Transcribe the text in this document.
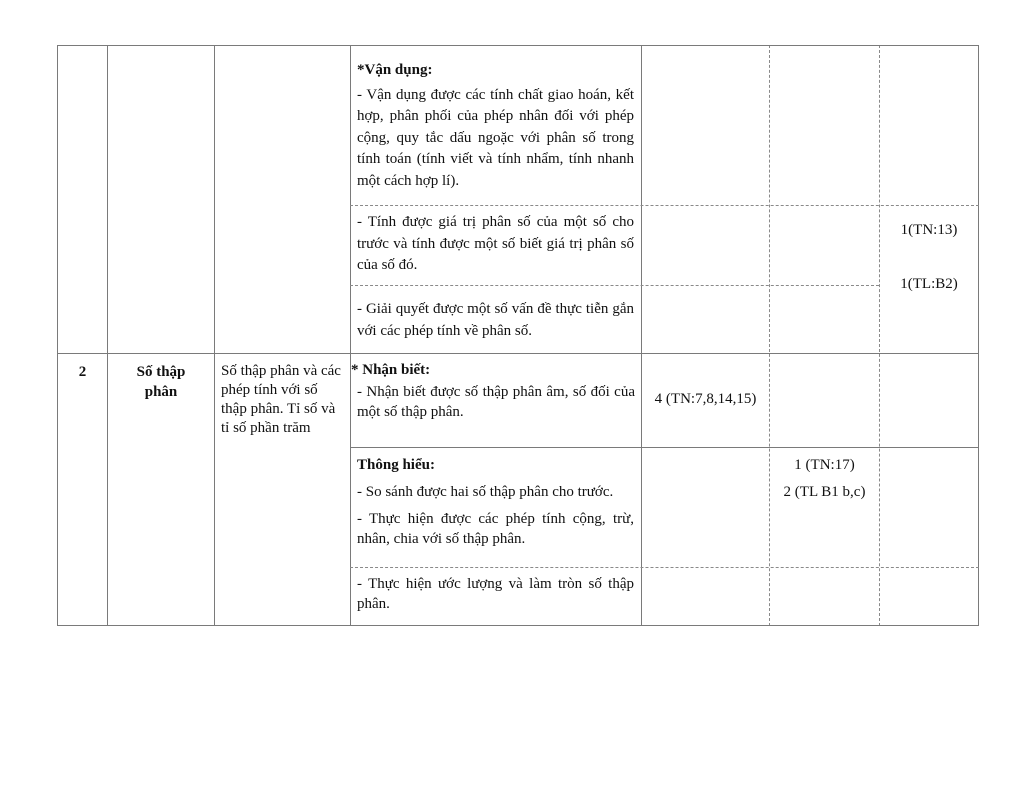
*Vận dụng:
- Vận dụng được các tính chất giao hoán, kết hợp, phân phối của phép nhân đối với phép cộng, quy tắc dấu ngoặc với phân số trong tính toán (tính viết và tính nhẩm, tính nhanh một cách hợp lí).
- Tính được giá trị phân số của một số cho trước và tính được một số biết giá trị phân số của số đó.
- Giải quyết được một số vấn đề thực tiễn gắn với các phép tính về phân số.
1(TN:13)
1(TL:B2)
2	Số thập phân
Số thập phân và các phép tính với số thập phân. Tỉ số và tỉ số phần trăm
* Nhận biết:
- Nhận biết được số thập phân âm, số đối của một số thập phân.
4 (TN:7,8,14,15)
Thông hiểu:
- So sánh được hai số thập phân cho trước.
- Thực hiện được các phép tính cộng, trừ, nhân, chia với số thập phân.
1 (TN:17)
2 (TL B1 b,c)
- Thực hiện ước lượng và làm tròn số thập phân.
